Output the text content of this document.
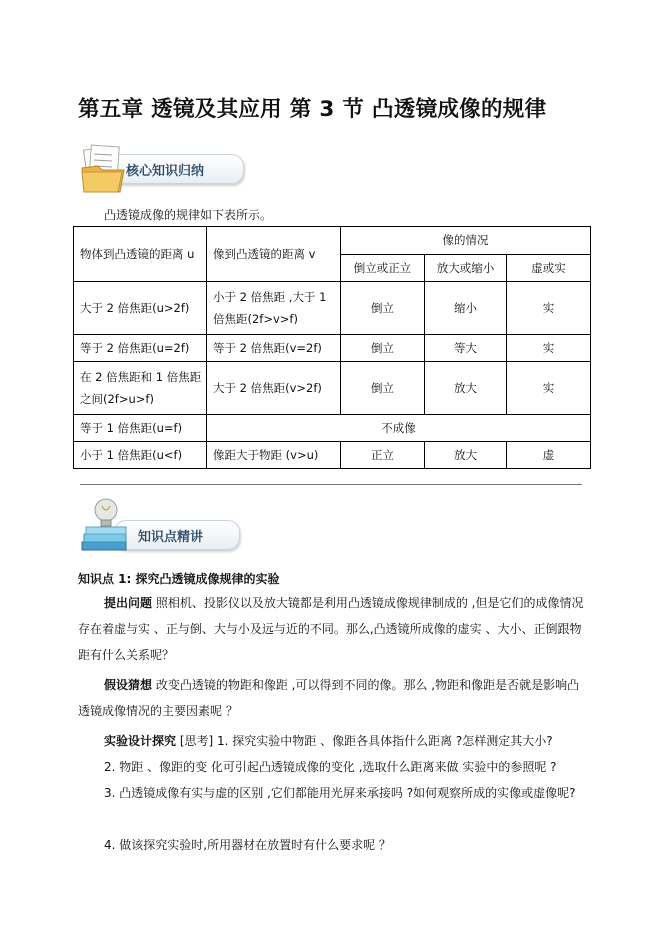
第五章 透镜及其应用 第 3 节 凸透镜成像的规律
核心知识归纳
凸透镜成像的规律如下表所示。
物体到凸透镜的距离 u	像到凸透镜的距离 v	像的情况		
		倒立或正立	放大或缩小	虚或实
大于 2 倍焦距(u>2f)	小于 2 倍焦距 ,大于 1 倍焦距(2f>v>f)	倒立	缩小	实
等于 2 倍焦距(u=2f)	等于 2 倍焦距(v=2f)	倒立	等大	实
在 2 倍焦距和 1 倍焦距之间(2f>u>f)	大于 2 倍焦距(v>2f)	倒立	放大	实
等于 1 倍焦距(u=f)	不成像			
小于 1 倍焦距(u<f)	像距大于物距 (v>u)	正立	放大	虚
知识点精讲
知识点 1: 探究凸透镜成像规律的实验
提出问题 照相机、投影仪以及放大镜都是利用凸透镜成像规律制成的 ,但是它们的成像情况存在着虚与实 、正与倒、大与小及远与近的不同。那么,凸透镜所成像的虚实 、大小、正倒跟物 距有什么关系呢？
假设猜想 改变凸透镜的物距和像距 ,可以得到不同的像。那么 ,物距和像距是否就是影响凸透镜成像情况的主要因素呢 ？
实验设计探究 [思考] 1. 探究实验中物距 、像距各具体指什么距离 ?怎样测定其大小?
2. 物距 、像距的变 化可引起凸透镜成像的变化 ,选取什么距离来做 实验中的参照呢 ?
3. 凸透镜成像有实与虚的区别 ,它们都能用光屏来承接吗 ?如何观察所成的实像或虚像呢?
4. 做该探究实验时,所用器材在放置时有什么要求呢 ？
